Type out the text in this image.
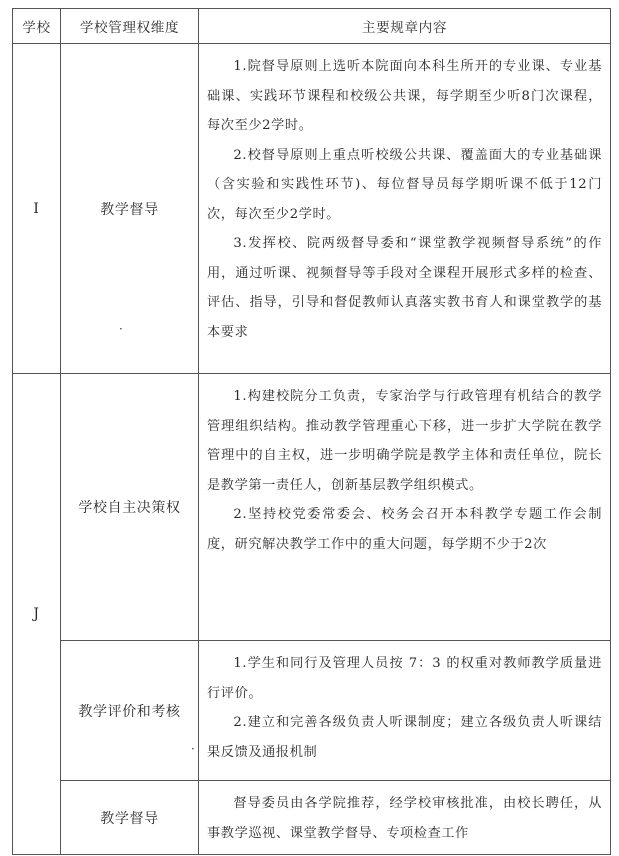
学校	学校管理权维度	主要规章内容
I	教学督导	1.院督导原则上选听本院面向本科生所开的专业课、专业基础课、实践环节课程和校级公共课，每学期至少听8门次课程，每次至少2学时。

2.校督导原则上重点听校级公共课、覆盖面大的专业基础课（含实验和实践性环节)、每位督导员每学期听课不低于12门次，每次至少2学时。

3.发挥校、院两级督导委和“课堂教学视频督导系统”的作用，通过听课、视频督导等手段对全课程开展形式多样的检查、评估、指导，引导和督促教师认真落实教书育人和课堂教学的基本要求

J	学校自主决策权	1.构建校院分工负责，专家治学与行政管理有机结合的教学管理组织结构。推动教学管理重心下移，进一步扩大学院在教学管理中的自主权，进一步明确学院是教学主体和责任单位，院长是教学第一责任人，创新基层教学组织模式。

2.坚持校党委常委会、校务会召开本科教学专题工作会制度，研究解决教学工作中的重大问题，每学期不少于2次

	教学评价和考核	1.学生和同行及管理人员按 7：3 的权重对教师教学质量进行评价。

2.建立和完善各级负责人听课制度；建立各级负责人听课结果反馈及通报机制

	教学督导	督导委员由各学院推荐，经学校审核批准，由校长聘任，从事教学巡视、课堂教学督导、专项检查工作

·
·
